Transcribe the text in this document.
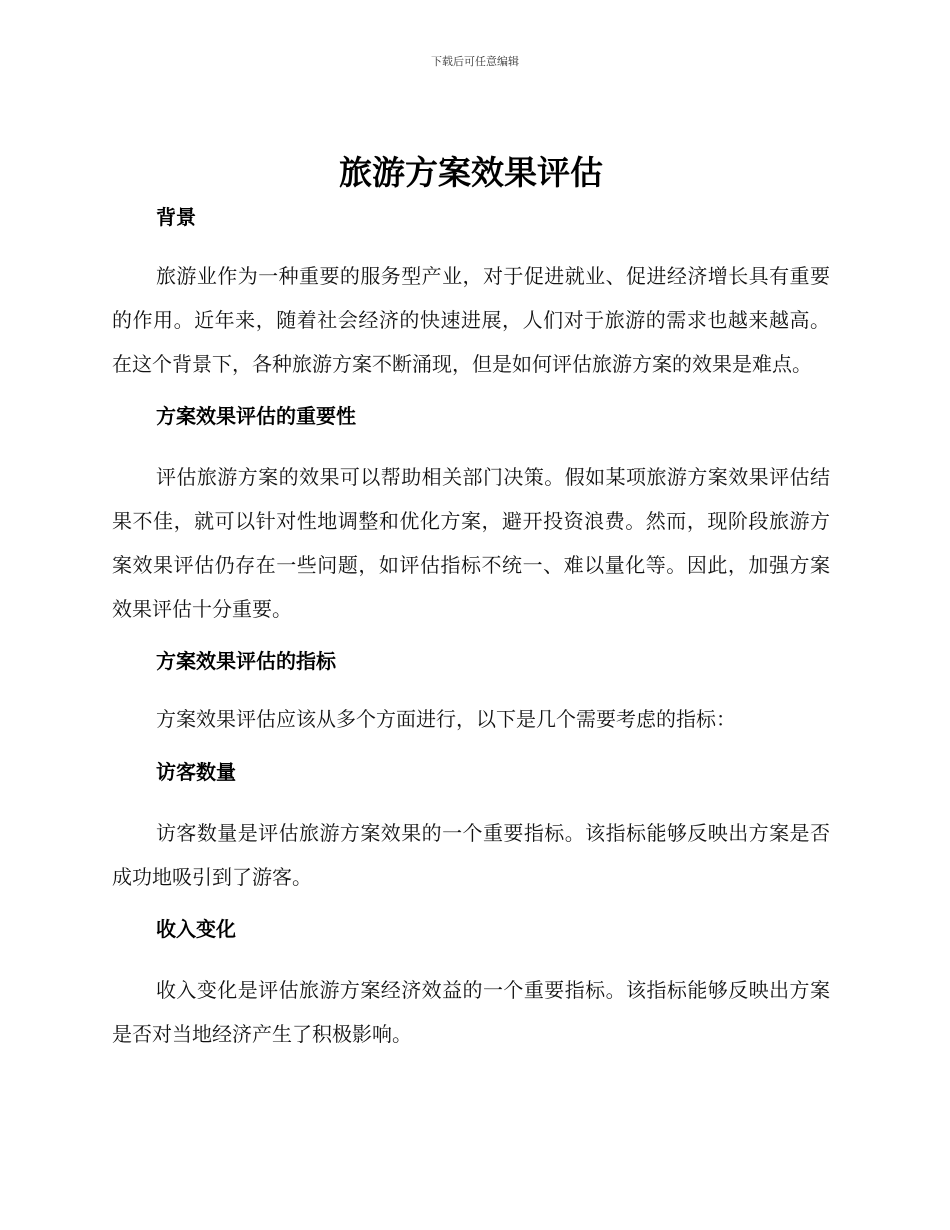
下载后可任意编辑
旅游方案效果评估
背景

旅游业作为一种重要的服务型产业，对于促进就业、促进经济增长具有重要的作用。近年来，随着社会经济的快速进展，人们对于旅游的需求也越来越高。在这个背景下，各种旅游方案不断涌现，但是如何评估旅游方案的效果是难点。

方案效果评估的重要性

评估旅游方案的效果可以帮助相关部门决策。假如某项旅游方案效果评估结果不佳，就可以针对性地调整和优化方案，避开投资浪费。然而，现阶段旅游方案效果评估仍存在一些问题，如评估指标不统一、难以量化等。因此，加强方案效果评估十分重要。

方案效果评估的指标

方案效果评估应该从多个方面进行，以下是几个需要考虑的指标：

访客数量

访客数量是评估旅游方案效果的一个重要指标。该指标能够反映出方案是否成功地吸引到了游客。

收入变化

收入变化是评估旅游方案经济效益的一个重要指标。该指标能够反映出方案是否对当地经济产生了积极影响。
